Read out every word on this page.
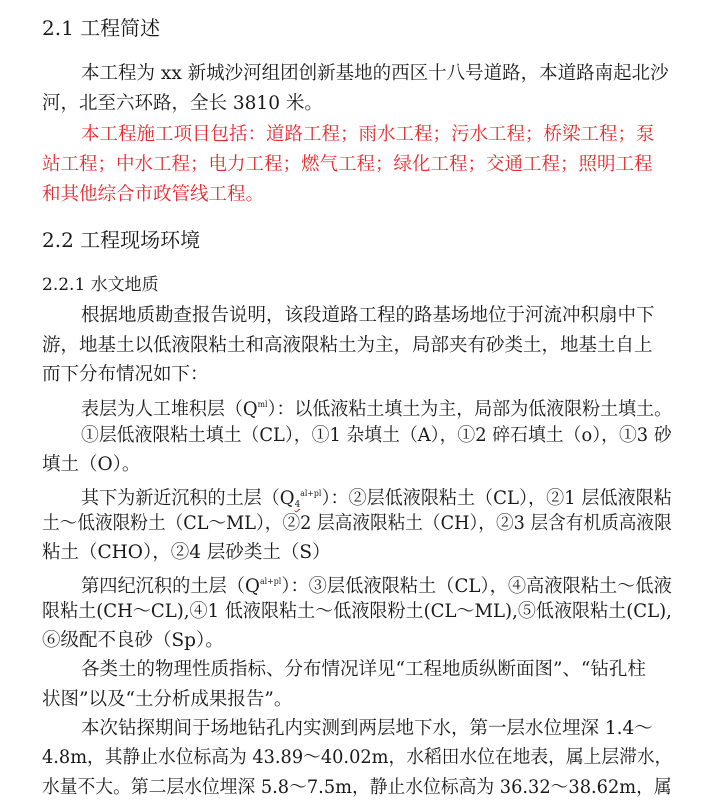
2.1 工程简述
本工程为 xx 新城沙河组团创新基地的西区十八号道路，本道路南起北沙
河，北至六环路，全长 3810 米。
本工程施工项目包括：道路工程；雨水工程；污水工程；桥梁工程；泵
站工程；中水工程；电力工程；燃气工程；绿化工程；交通工程；照明工程
和其他综合市政管线工程。
2.2 工程现场环境
2.2.1 水文地质
根据地质勘查报告说明，该段道路工程的路基场地位于河流冲积扇中下
游，地基土以低液限粘土和高液限粘土为主，局部夹有砂类土，地基土自上
而下分布情况如下：
表层为人工堆积层$(Q^{ml})$：以低液粘土填土为主，局部为低液限粉土填土。
①层低液限粘土填土（CL），①1 杂填土（A），①2 碎石填土（o），①3 砂
填土（O）。
其下为新近沉积的土层$(Q_4^{al+pl})$：②层低液限粘土（CL），②1 层低液限粘
土～低液限粉土（CL～ML），②2 层高液限粘土（CH），②3 层含有机质高液限
粘土（CHO），②4 层砂类土（S）
第四纪沉积的土层$(Q^{al+pl})$：③层低液限粘土（CL），④高液限粘土～低液
限粘土(CH～CL),④1 低液限粘土～低液限粉土(CL～ML),⑤低液限粘土(CL),
⑥级配不良砂（Sp）。
各类土的物理性质指标、分布情况详见“工程地质纵断面图”、“钻孔柱
状图”以及“土分析成果报告”。
本次钻探期间于场地钻孔内实测到两层地下水，第一层水位埋深 1.4～
4.8m，其静止水位标高为 43.89～40.02m，水稻田水位在地表，属上层滞水，
水量不大。第二层水位埋深 5.8～7.5m，静止水位标高为 36.32～38.62m，属
